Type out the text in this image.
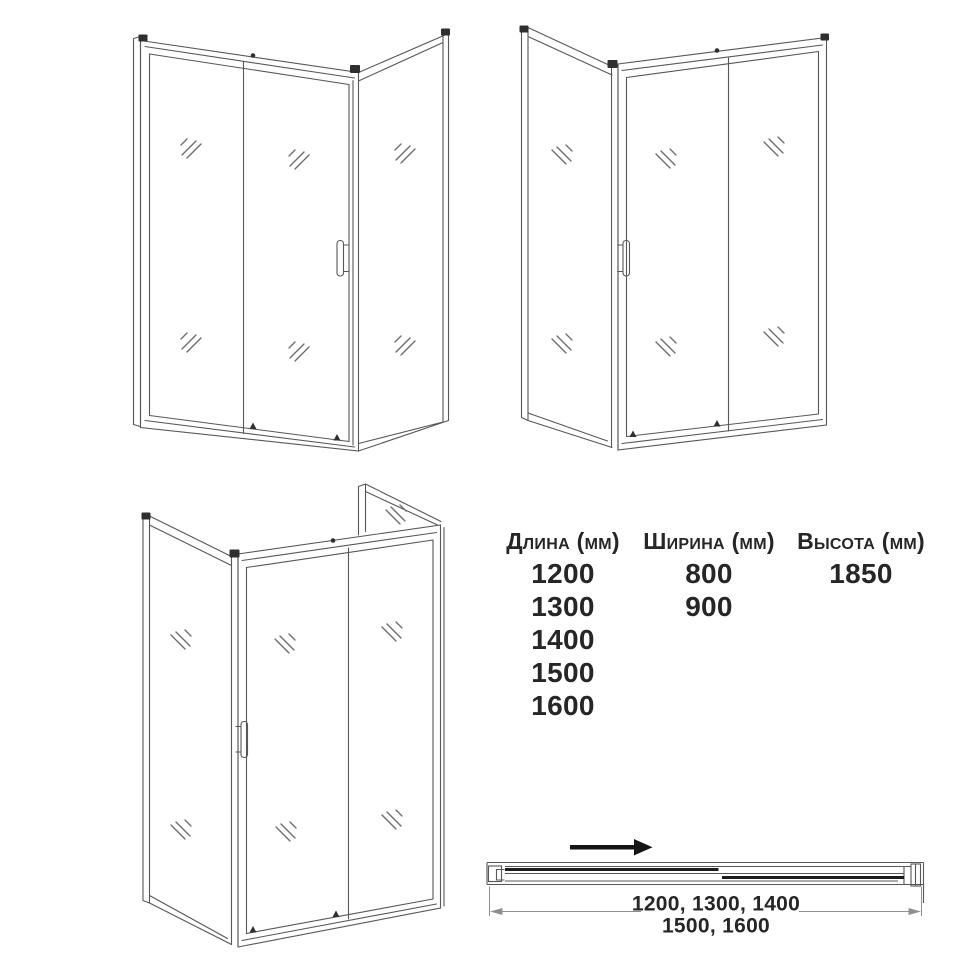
1200, 1300, 1400
1500, 1600
Длина (мм)
1200
1300
1400
1500
1600
Ширина (мм)
800
900
Высота (мм)
1850
